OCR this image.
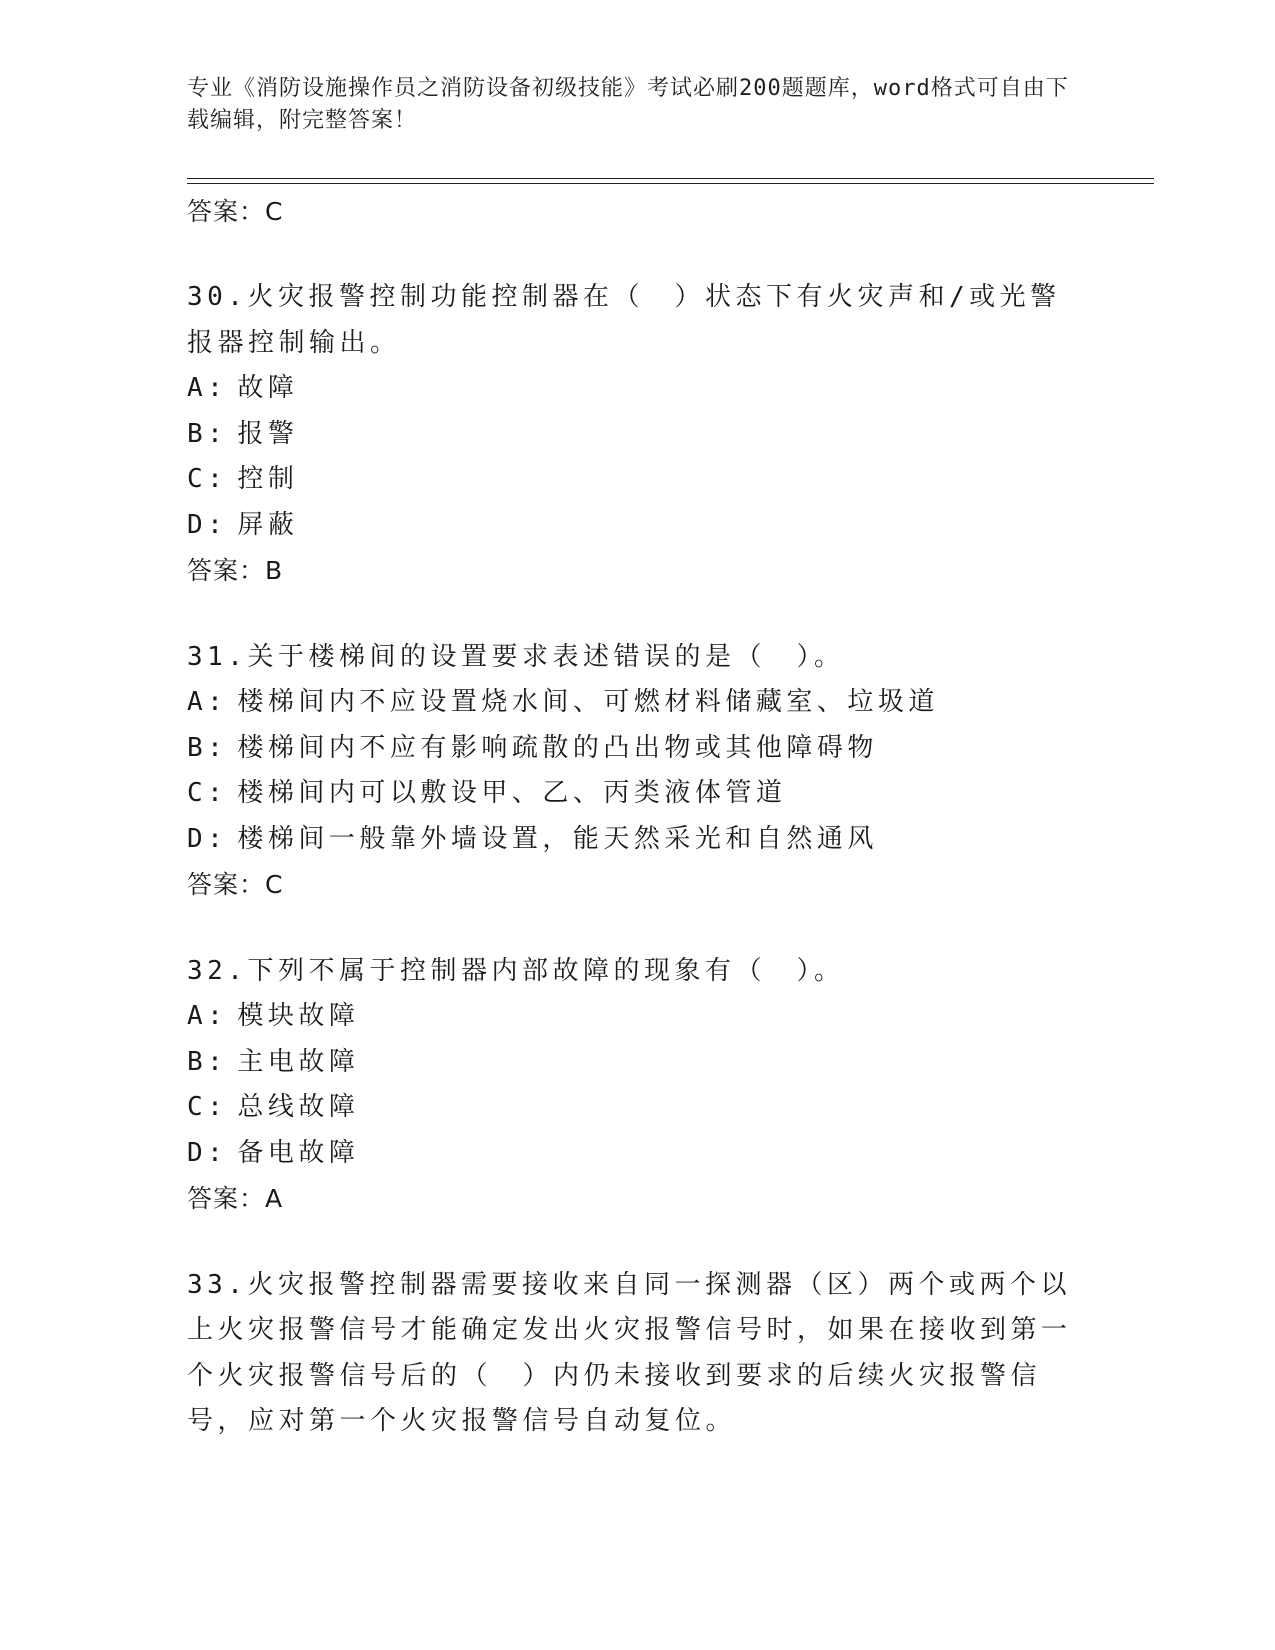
专业《消防设施操作员之消防设备初级技能》考试必刷200题题库，word格式可自由下载编辑，附完整答案！
答案：C
30.火灾报警控制功能控制器在（　）状态下有火灾声和/或光警报器控制输出。
A: 故障
B: 报警
C: 控制
D: 屏蔽
答案：B
31.关于楼梯间的设置要求表述错误的是（　）。
A: 楼梯间内不应设置烧水间、可燃材料储藏室、垃圾道
B: 楼梯间内不应有影响疏散的凸出物或其他障碍物
C: 楼梯间内可以敷设甲、乙、丙类液体管道
D: 楼梯间一般靠外墙设置，能天然采光和自然通风
答案：C
32.下列不属于控制器内部故障的现象有（　）。
A: 模块故障
B: 主电故障
C: 总线故障
D: 备电故障
答案：A
33.火灾报警控制器需要接收来自同一探测器（区）两个或两个以上火灾报警信号才能确定发出火灾报警信号时，如果在接收到第一个火灾报警信号后的（　）内仍未接收到要求的后续火灾报警信号，应对第一个火灾报警信号自动复位。
